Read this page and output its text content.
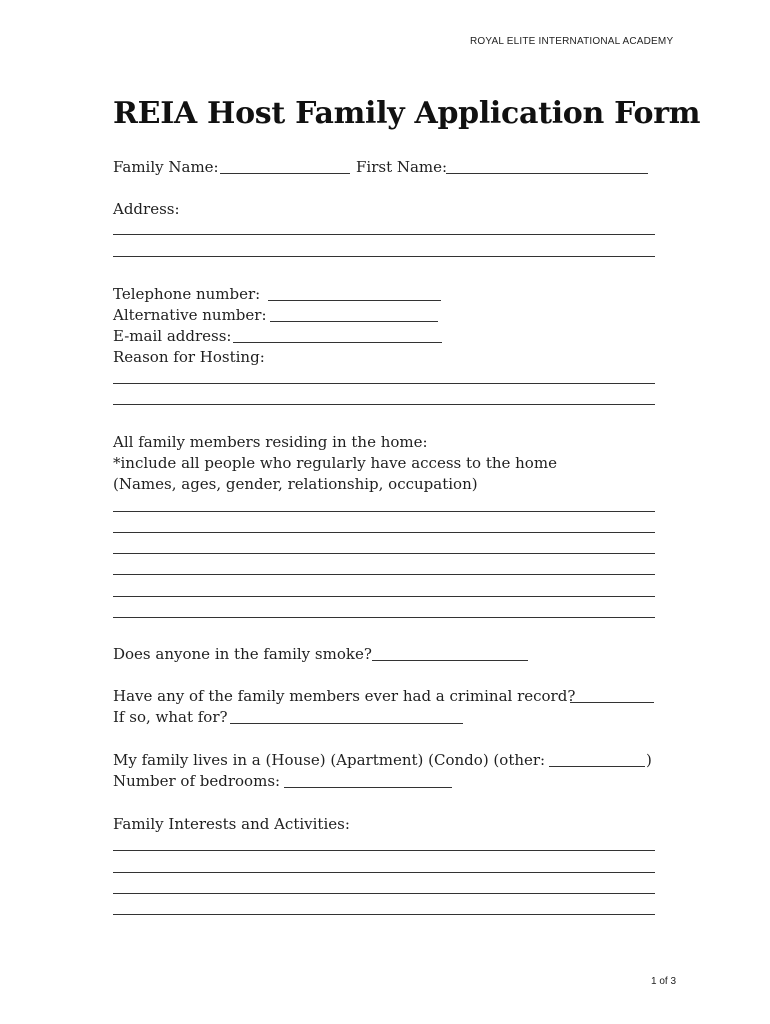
ROYAL ELITE INTERNATIONAL ACADEMY
REIA Host Family Application Form
Family Name:	First Name:
Address:
Telephone number:
Alternative number:
E-mail address:
Reason for Hosting:
All family members residing in the home:
*include all people who regularly have access to the home
(Names, ages, gender, relationship, occupation)
Does anyone in the family smoke?
Have any of the family members ever had a criminal record?
If so, what for?
My family lives in a (House) (Apartment) (Condo) (other:	)
Number of bedrooms:
Family Interests and Activities:
1 of 3
